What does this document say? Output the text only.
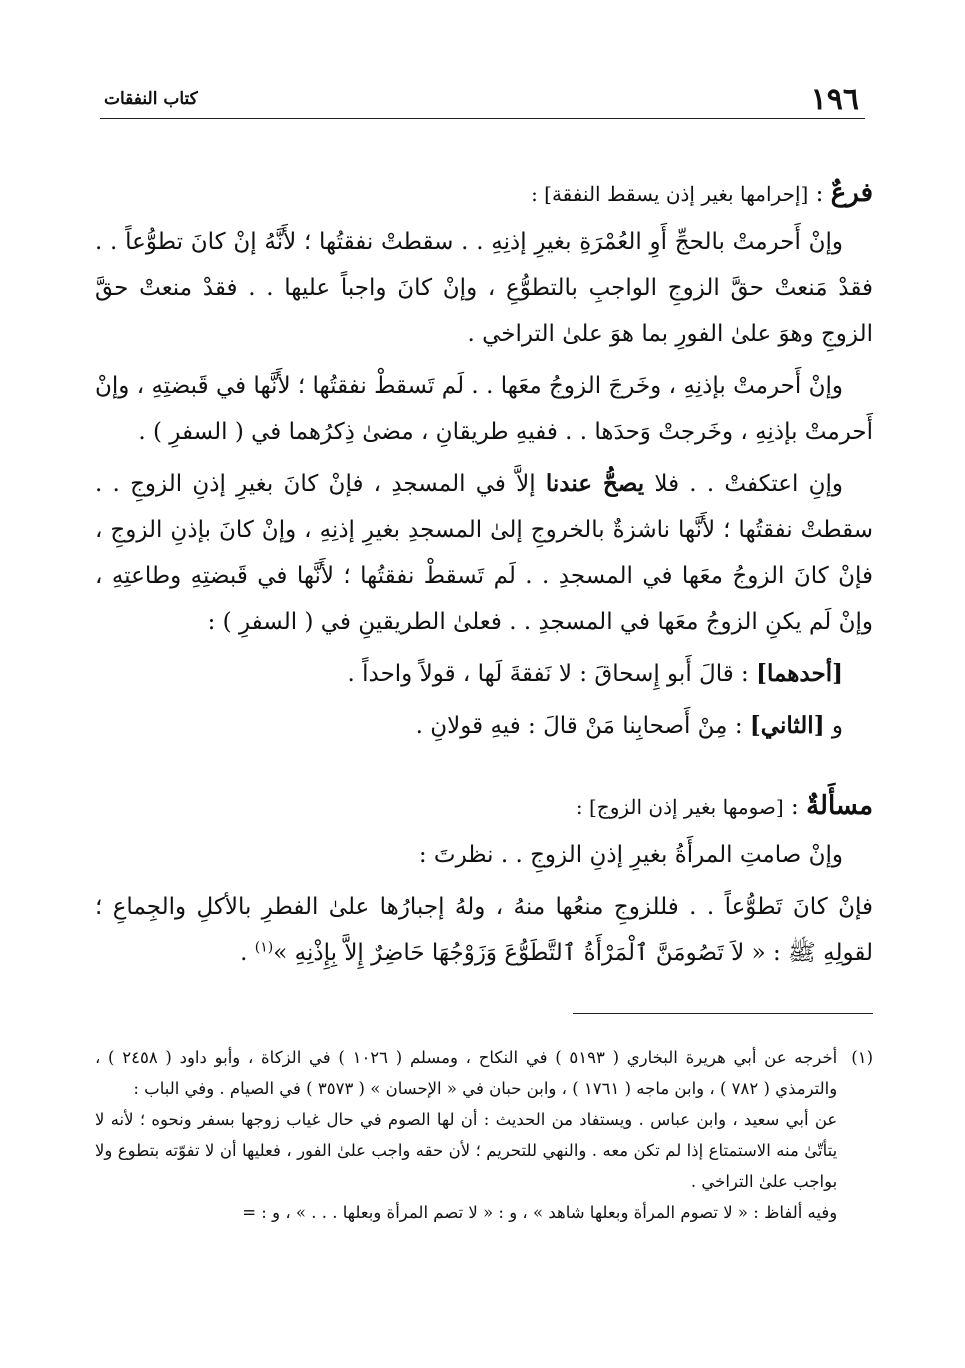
١٩٦
كتاب النفقات
فرعٌ : [إحرامها بغير إذن يسقط النفقة] :

وإنْ أَحرمتْ بالحجِّ أَوِ العُمْرَةِ بغيرِ إذنِهِ . . سقطتْ نفقتُها ؛ لأَنَّهُ إنْ كانَ تطوُّعاً . . فقدْ مَنعتْ حقَّ الزوجِ الواجبِ بالتطوُّعِ ، وإنْ كانَ واجباً عليها . . فقدْ منعتْ حقَّ الزوجِ وهوَ علىٰ الفورِ بما هوَ علىٰ التراخي .

وإنْ أَحرمتْ بإذنِهِ ، وخَرجَ الزوجُ معَها . . لَم تَسقطْ نفقتُها ؛ لأَنَّها في قَبضتِهِ ، وإنْ أَحرمتْ بإذنِهِ ، وخَرجتْ وَحدَها . . ففيهِ طريقانِ ، مضىٰ ذِكرُهما في ( السفرِ ) .

وإنِ اعتكفتْ . . فلا يصحُّ عندنا إلاَّ في المسجدِ ، فإنْ كانَ بغيرِ إذنِ الزوجِ . . سقطتْ نفقتُها ؛ لأَنَّها ناشزةٌ بالخروجِ إلىٰ المسجدِ بغيرِ إذنِهِ ، وإنْ كانَ بإذنِ الزوجِ ، فإنْ كانَ الزوجُ معَها في المسجدِ . . لَم تَسقطْ نفقتُها ؛ لأَنَّها في قَبضتِهِ وطاعتِهِ ، وإنْ لَم يكنِ الزوجُ معَها في المسجدِ . . فعلىٰ الطريقينِ في ( السفرِ ) :

[أحدهما] : قالَ أَبو إِسحاقَ : لا نَفقةَ لَها ، قولاً واحداً .

و [الثاني] : مِنْ أَصحابِنا مَنْ قالَ : فيهِ قولانِ .

مسأَلةٌ : [صومها بغير إذن الزوج] :

وإنْ صامتِ المرأَةُ بغيرِ إذنِ الزوجِ . . نظرتَ :

فإنْ كانَ تَطوُّعاً . . فللزوجِ منعُها منهُ ، ولهُ إجبارُها علىٰ الفطرِ بالأكلِ والجِماعِ ؛ لقولِهِ ﷺ : « لاَ تَصُومَنَّ ٱلْمَرْأَةُ ٱلتَّطَوُّعَ وَزَوْجُهَا حَاضِرٌ إِلاَّ بِإِذْنِهِ »$^{(١)}$ .

(١)

أخرجه عن أبي هريرة البخاري ( ٥١٩٣ ) في النكاح ، ومسلم ( ١٠٢٦ ) في الزكاة ، وأبو داود ( ٢٤٥٨ ) ، والترمذي ( ٧٨٢ ) ، وابن ماجه ( ١٧٦١ ) ، وابن حبان في « الإحسان » ( ٣٥٧٣ ) في الصيام . وفي الباب :

عن أبي سعيد ، وابن عباس . ويستفاد من الحديث : أن لها الصوم في حال غياب زوجها بسفر ونحوه ؛ لأنه لا يتأتّىٰ منه الاستمتاع إذا لم تكن معه . والنهي للتحريم ؛ لأن حقه واجب علىٰ الفور ، فعليها أن لا تفوّته بتطوع ولا بواجب علىٰ التراخي .

وفيه ألفاظ : « لا تصوم المرأة وبعلها شاهد » ، و : « لا تصم المرأة وبعلها . . . » ، و : =
